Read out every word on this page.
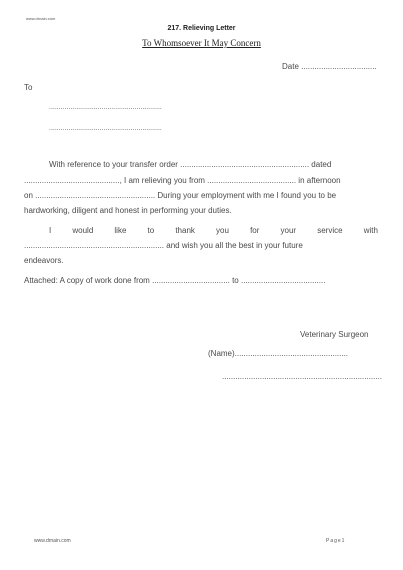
www.drnain.com
217. Relieving Letter
To Whomsoever It May Concern
Date ..................................
To
..........................................................
..........................................................
With reference to your transfer order .......................................................... dated
..........................................., I am relieving you from ........................................ in afternoon
on ...................................................... During your employment with me I found you to be
hardworking, diligent and honest in performing your duties.
I	would	like	to	thank	you	for	your	service	with
............................................................... and wish you all the best in your future
endeavors.
Attached: A copy of work done from ................................... to ......................................
Veterinary Surgeon
(Name)...................................................
........................................................................
www.drnain.com	Page1
